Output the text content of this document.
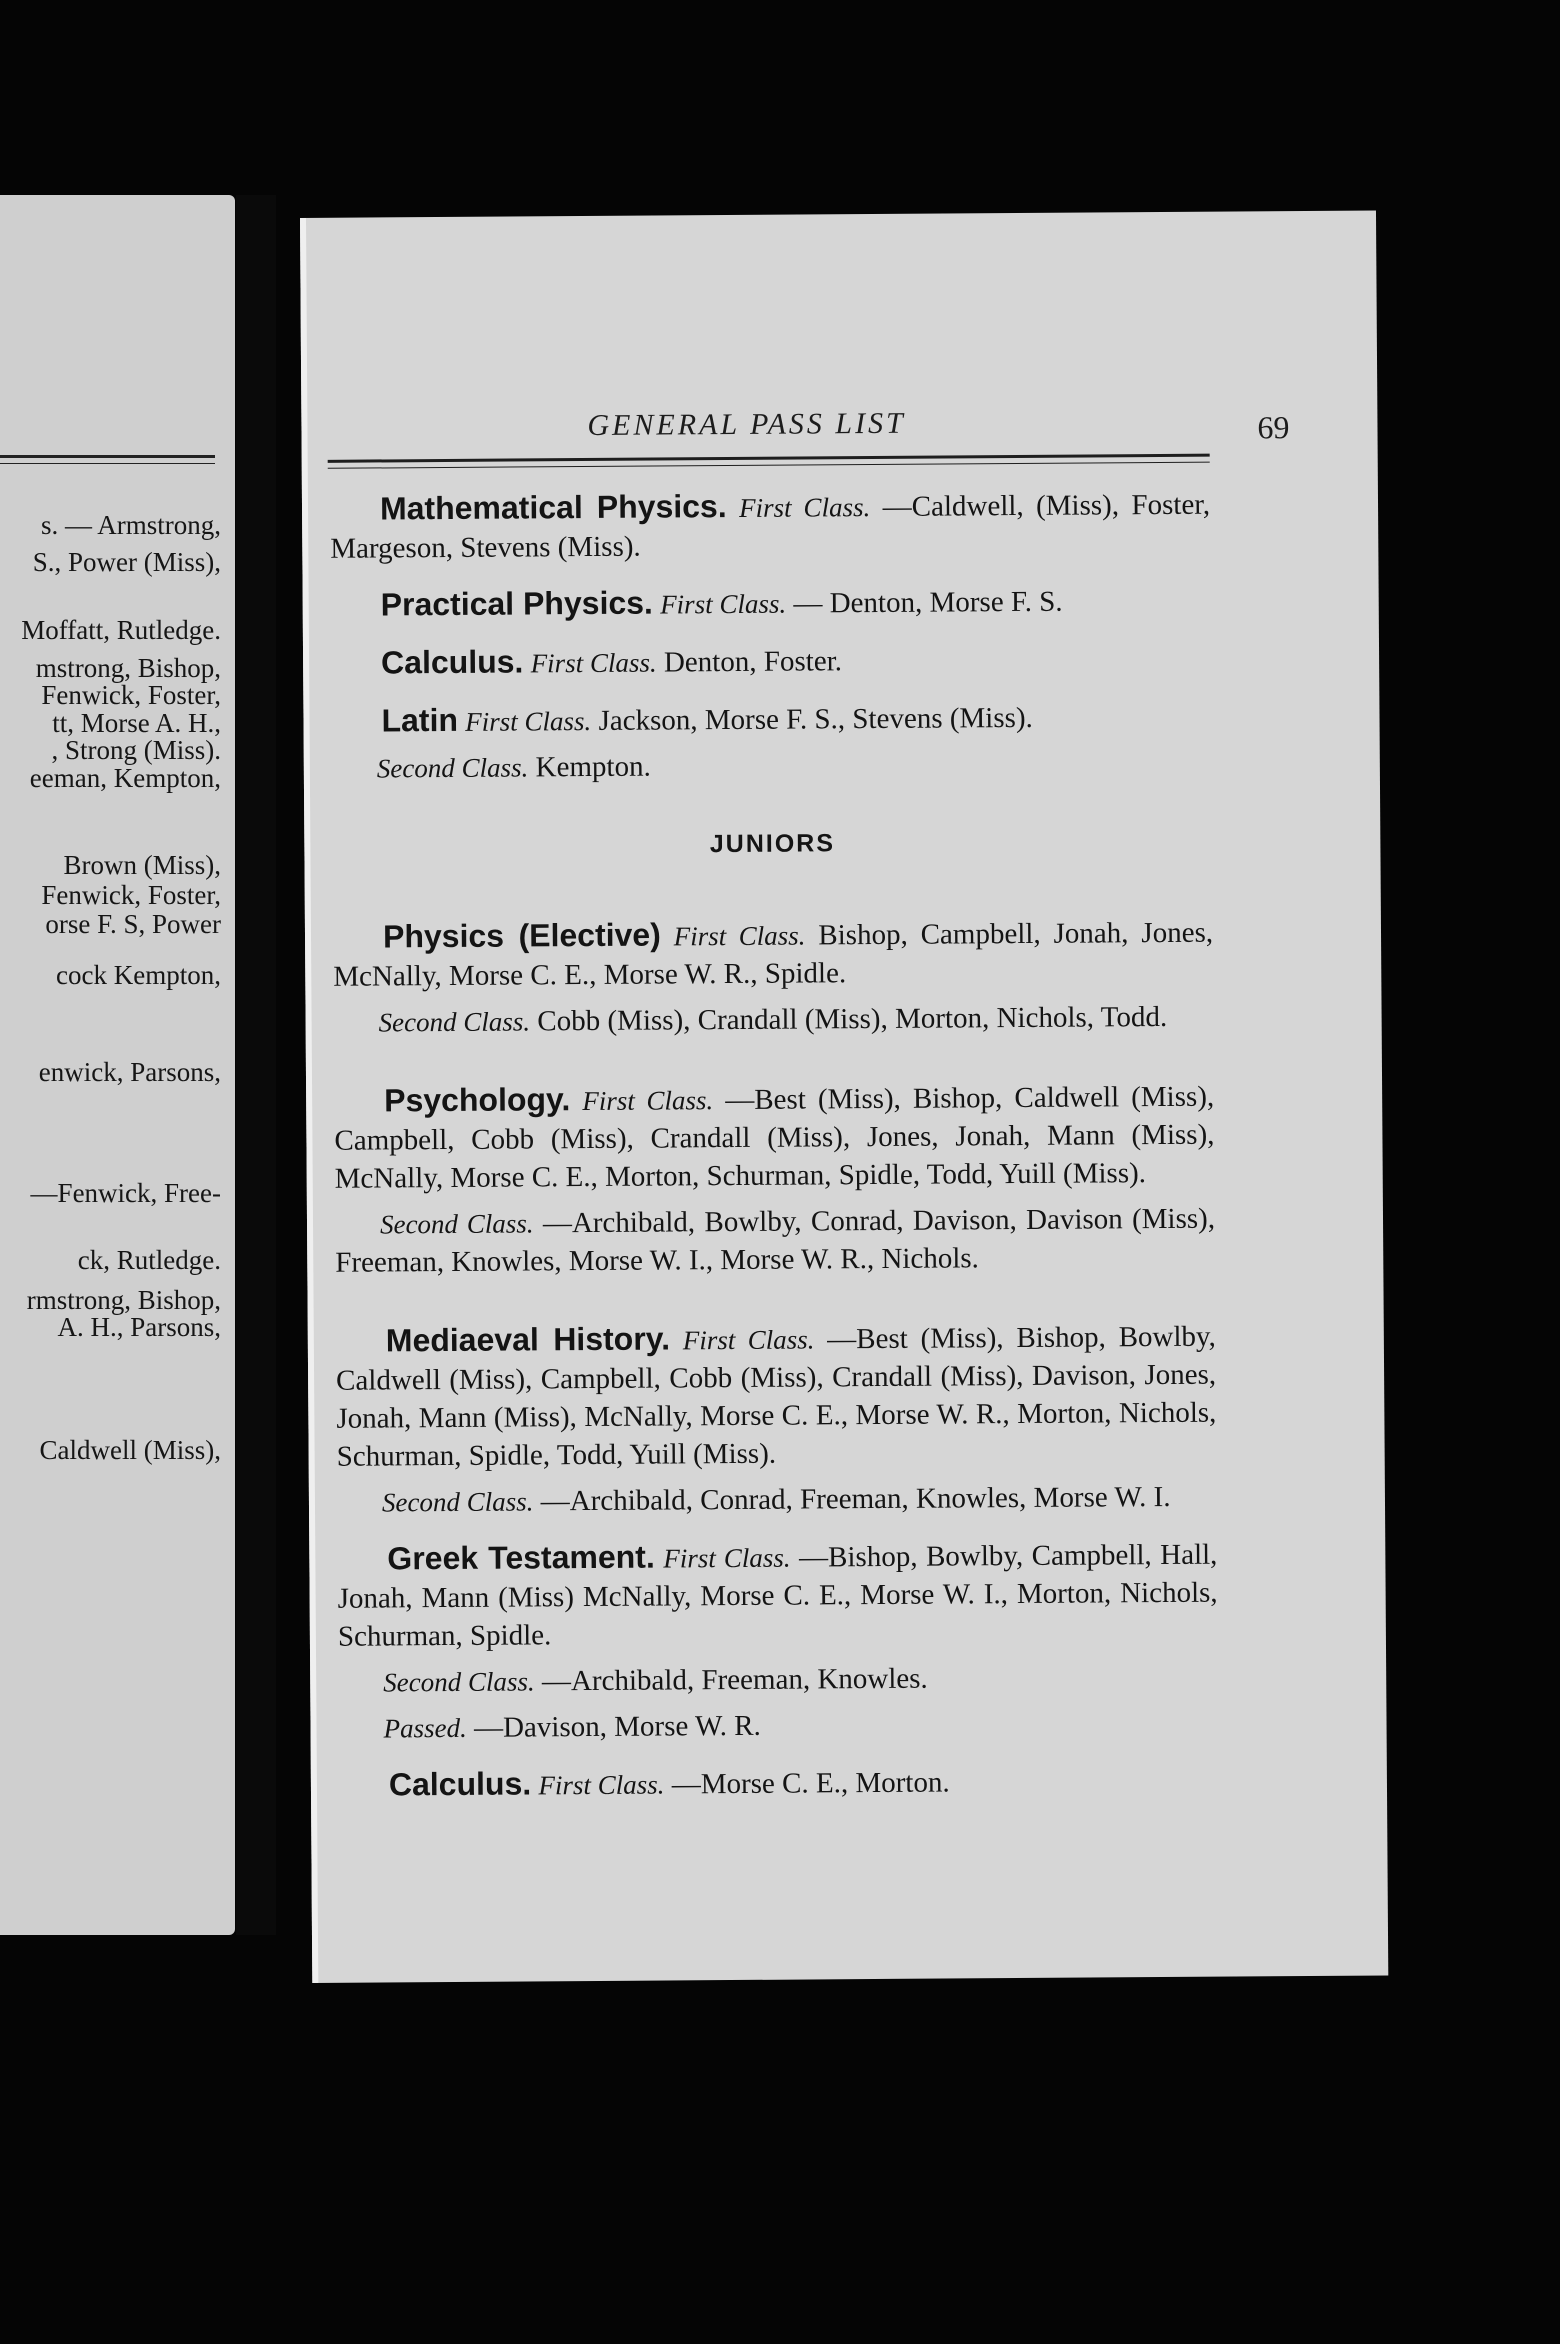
s. — Armstrong,
S., Power (Miss),
Moffatt, Rutledge.
mstrong, Bishop,
Fenwick, Foster,
tt, Morse A. H.,
, Strong (Miss).
eeman, Kempton,
Brown (Miss),
Fenwick, Foster,
orse F. S, Power
cock Kempton,
enwick, Parsons,
—Fenwick, Free-
ck, Rutledge.
rmstrong, Bishop,
A. H., Parsons,
Caldwell (Miss),
GENERAL PASS LIST	69
Mathematical Physics. First Class. —Caldwell, (Miss), Foster, Margeson, Stevens (Miss).
Practical Physics. First Class. — Denton, Morse F. S.
Calculus. First Class. Denton, Foster.
Latin First Class. Jackson, Morse F. S., Stevens (Miss).
Second Class. Kempton.
JUNIORS
Physics (Elective) First Class. Bishop, Campbell, Jonah, Jones, McNally, Morse C. E., Morse W. R., Spidle.
Second Class. Cobb (Miss), Crandall (Miss), Morton, Nichols, Todd.
Psychology. First Class. —Best (Miss), Bishop, Caldwell (Miss), Campbell, Cobb (Miss), Crandall (Miss), Jones, Jonah, Mann (Miss), McNally, Morse C. E., Morton, Schurman, Spidle, Todd, Yuill (Miss).
Second Class. —Archibald, Bowlby, Conrad, Davison, Davison (Miss), Freeman, Knowles, Morse W. I., Morse W. R., Nichols.
Mediaeval History. First Class. —Best (Miss), Bishop, Bowlby, Caldwell (Miss), Campbell, Cobb (Miss), Crandall (Miss), Davison, Jones, Jonah, Mann (Miss), McNally, Morse C. E., Morse W. R., Morton, Nichols, Schurman, Spidle, Todd, Yuill (Miss).
Second Class. —Archibald, Conrad, Freeman, Knowles, Morse W. I.
Greek Testament. First Class. —Bishop, Bowlby, Campbell, Hall, Jonah, Mann (Miss) McNally, Morse C. E., Morse W. I., Morton, Nichols, Schurman, Spidle.
Second Class. —Archibald, Freeman, Knowles.
Passed. —Davison, Morse W. R.
Calculus. First Class. —Morse C. E., Morton.
